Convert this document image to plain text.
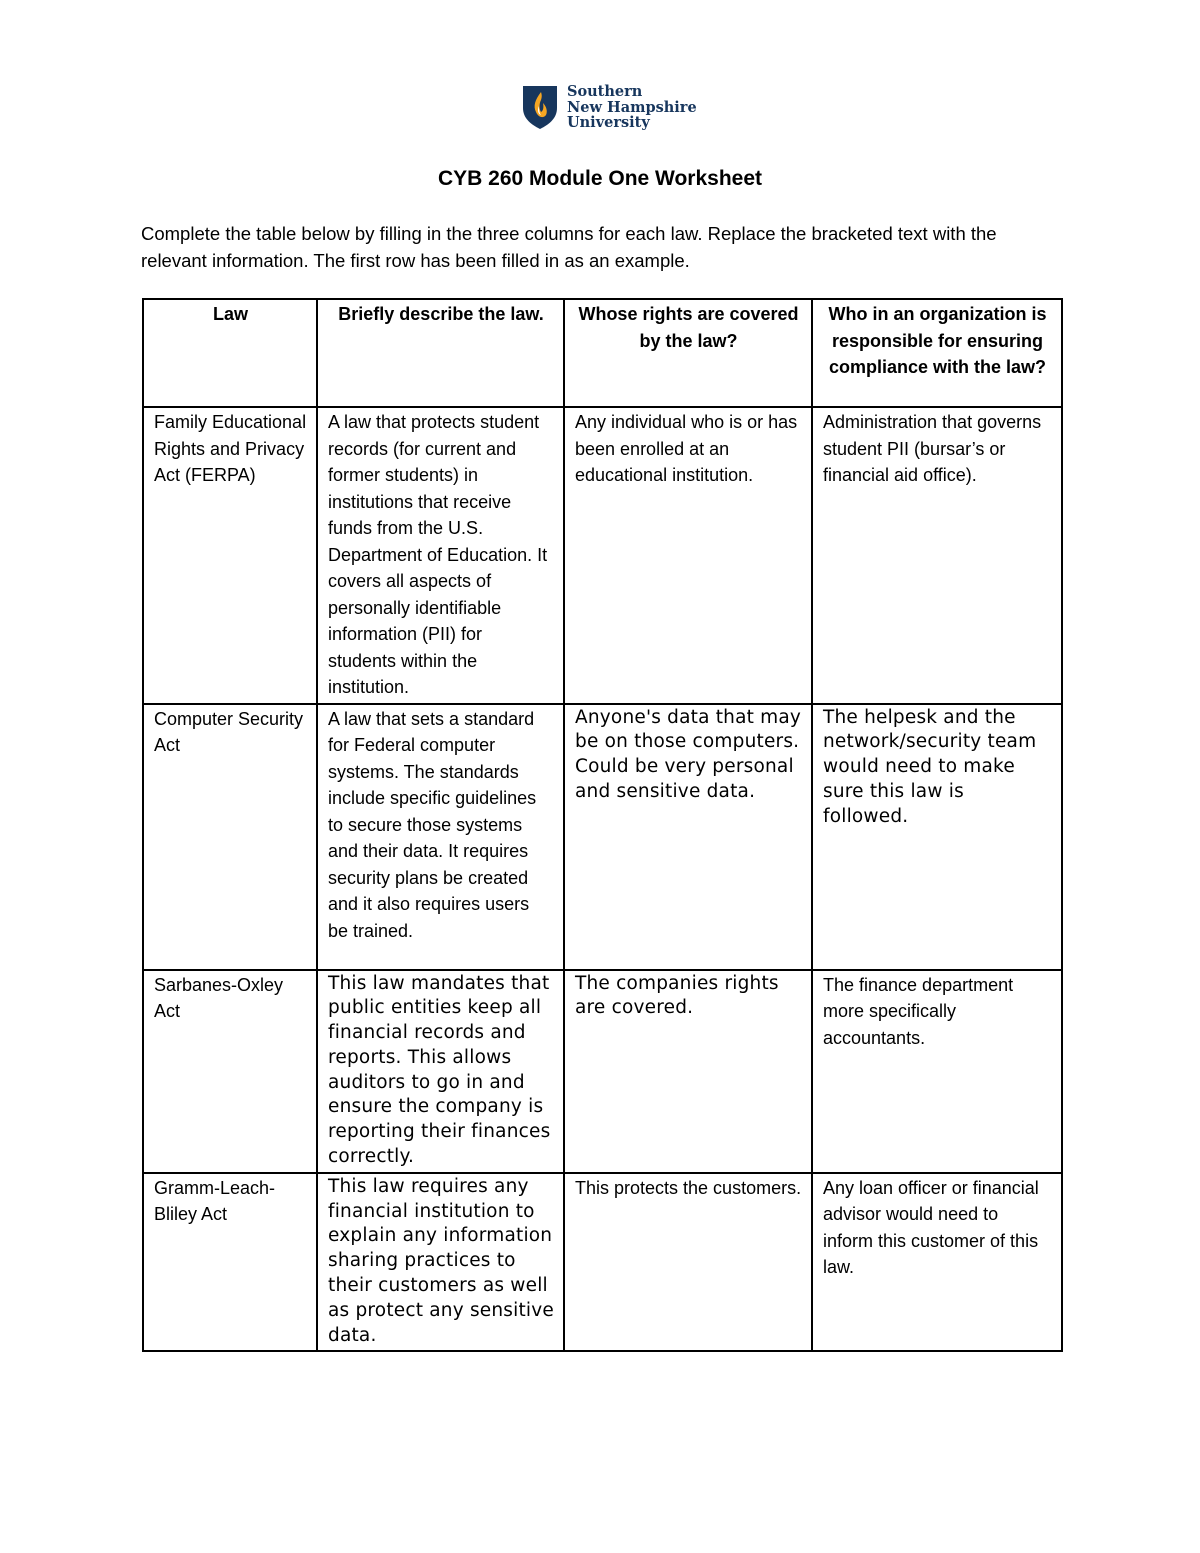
Southern
New Hampshire
University
CYB 260 Module One Worksheet
Complete the table below by filling in the three columns for each law. Replace the bracketed text with the relevant information. The first row has been filled in as an example.
Law	Briefly describe the law.	Whose rights are covered by the law?	Who in an organization is responsible for ensuring compliance with the law?
Family Educational Rights and Privacy Act (FERPA)	A law that protects student records (for current and former students) in institutions that receive funds from the U.S. Department of Education. It covers all aspects of personally identifiable information (PII) for students within the institution.	Any individual who is or has been enrolled at an educational institution.	Administration that governs student PII (bursar’s or financial aid office).
Computer Security Act	A law that sets a standard for Federal computer systems. The standards include specific guidelines to secure those systems and their data. It requires security plans be created and it also requires users be trained.	Anyone's data that may be on those computers. Could be very personal and sensitive data.	The helpesk and the network/security team would need to make sure this law is followed.
Sarbanes-Oxley Act	This law mandates that public entities keep all financial records and reports. This allows auditors to go in and ensure the company is reporting their finances correctly.	The companies rights are covered.	The finance department more specifically accountants.
Gramm-Leach-Bliley Act	This law requires any financial institution to explain any information sharing practices to their customers as well as protect any sensitive data.	This protects the customers.	Any loan officer or financial advisor would need to inform this customer of this law.
